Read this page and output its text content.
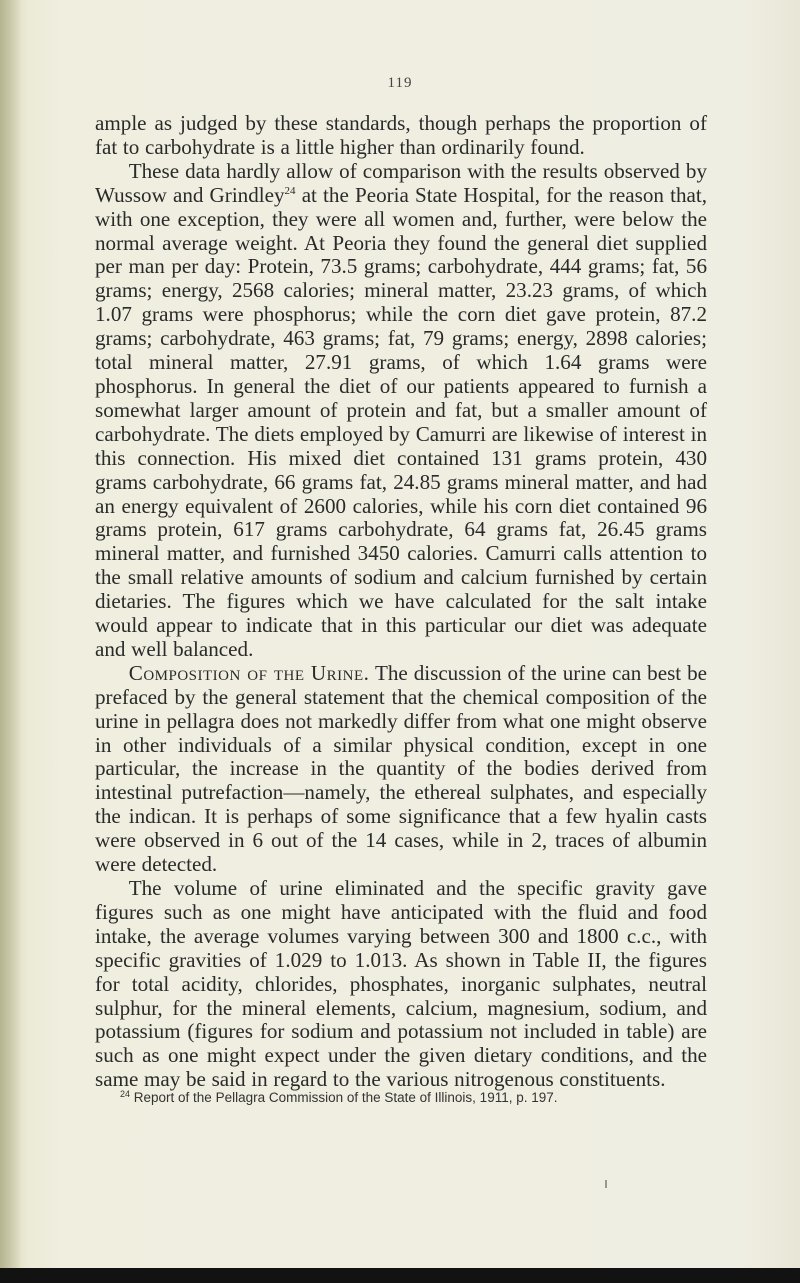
119

ample as judged by these standards, though perhaps the proportion of fat to carbohydrate is a little higher than ordinarily found.

These data hardly allow of comparison with the results observed by Wussow and Grindley$^{24}$ at the Peoria State Hospital, for the reason that, with one exception, they were all women and, further, were below the normal average weight. At Peoria they found the general diet supplied per man per day: Protein, 73.5 grams; carbohydrate, 444 grams; fat, 56 grams; energy, 2568 calories; mineral matter, 23.23 grams, of which 1.07 grams were phosphorus; while the corn diet gave protein, 87.2 grams; carbohydrate, 463 grams; fat, 79 grams; energy, 2898 calories; total mineral matter, 27.91 grams, of which 1.64 grams were phosphorus. In general the diet of our patients appeared to furnish a somewhat larger amount of protein and fat, but a smaller amount of carbohydrate. The diets employed by Camurri are likewise of interest in this connection. His mixed diet contained 131 grams protein, 430 grams carbohydrate, 66 grams fat, 24.85 grams mineral matter, and had an energy equivalent of 2600 calories, while his corn diet contained 96 grams protein, 617 grams carbohydrate, 64 grams fat, 26.45 grams mineral matter, and furnished 3450 calories. Camurri calls attention to the small relative amounts of sodium and calcium furnished by certain dietaries. The figures which we have calculated for the salt intake would appear to indicate that in this particular our diet was adequate and well balanced.

Composition of the Urine. The discussion of the urine can best be prefaced by the general statement that the chemical composition of the urine in pellagra does not markedly differ from what one might observe in other individuals of a similar physical condition, except in one particular, the increase in the quantity of the bodies derived from intestinal putrefaction—namely, the ethereal sulphates, and especially the indican. It is perhaps of some significance that a few hyalin casts were observed in 6 out of the 14 cases, while in 2, traces of albumin were detected.

The volume of urine eliminated and the specific gravity gave figures such as one might have anticipated with the fluid and food intake, the average volumes varying between 300 and 1800 c.c., with specific gravities of 1.029 to 1.013. As shown in Table II, the figures for total acidity, chlorides, phosphates, inorganic sulphates, neutral sulphur, for the mineral elements, calcium, magnesium, sodium, and potassium (figures for sodium and potassium not included in table) are such as one might expect under the given dietary conditions, and the same may be said in regard to the various nitrogenous constituents.

$^{24}$ Report of the Pellagra Commission of the State of Illinois, 1911, p. 197.
